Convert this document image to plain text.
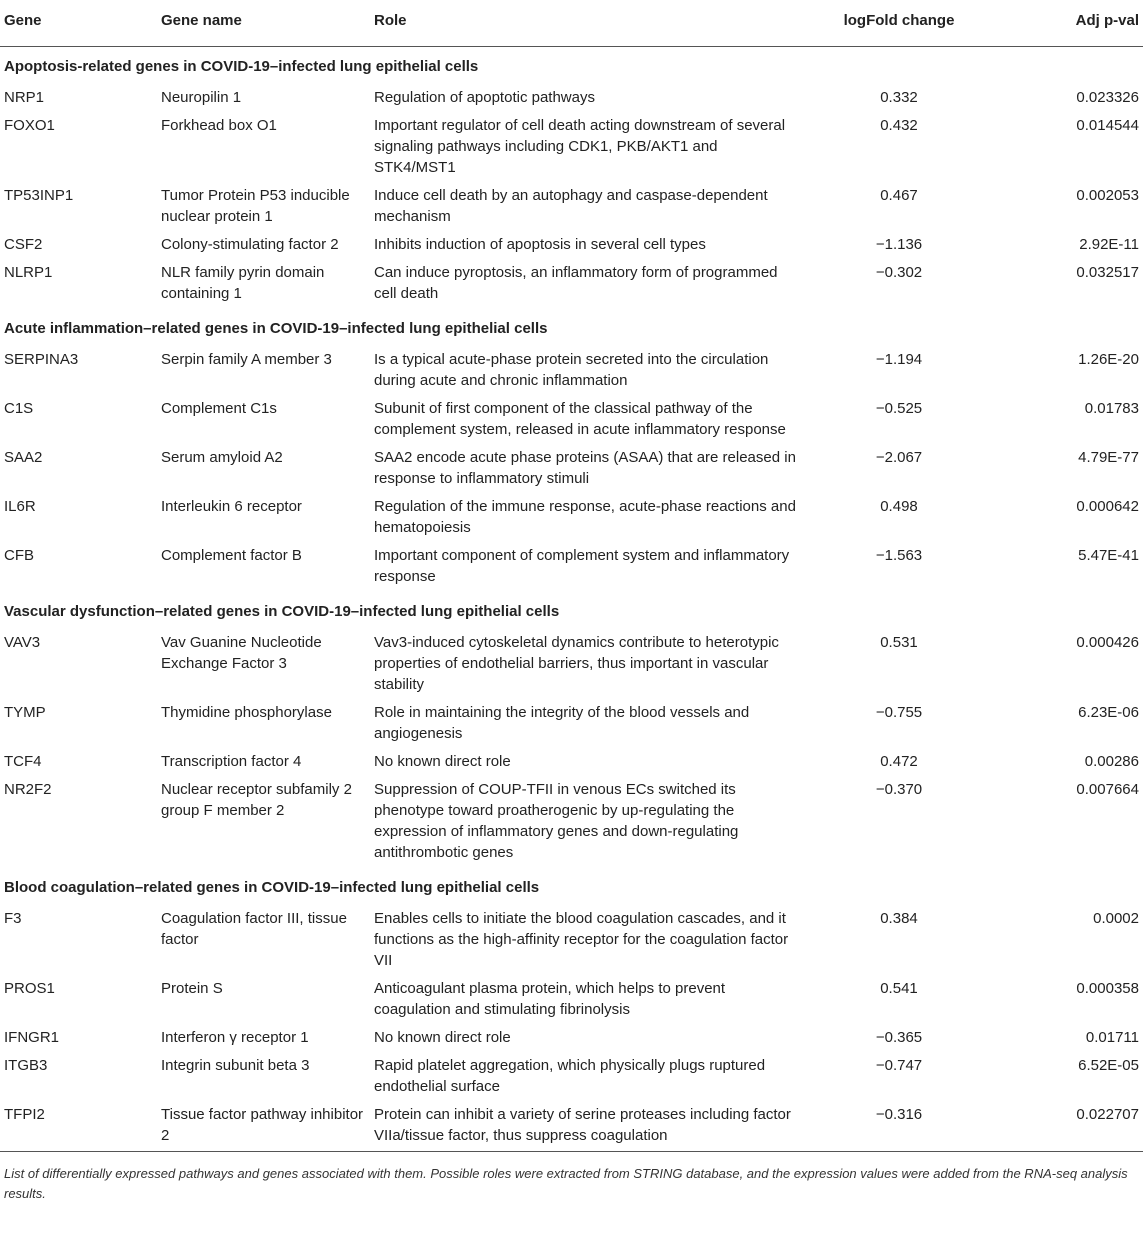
Gene	Gene name	Role	logFold change	Adj p-val
Apoptosis-related genes in COVID-19–infected lung epithelial cells				
NRP1	Neuropilin 1	Regulation of apoptotic pathways	0.332	0.023326
FOXO1	Forkhead box O1	Important regulator of cell death acting downstream of several signaling pathways including CDK1, PKB/AKT1 and STK4/MST1	0.432	0.014544
TP53INP1	Tumor Protein P53 inducible nuclear protein 1	Induce cell death by an autophagy and caspase-dependent mechanism	0.467	0.002053
CSF2	Colony-stimulating factor 2	Inhibits induction of apoptosis in several cell types	−1.136	2.92E-11
NLRP1	NLR family pyrin domain containing 1	Can induce pyroptosis, an inflammatory form of programmed cell death	−0.302	0.032517
Acute inflammation–related genes in COVID-19–infected lung epithelial cells				
SERPINA3	Serpin family A member 3	Is a typical acute-phase protein secreted into the circulation during acute and chronic inflammation	−1.194	1.26E-20
C1S	Complement C1s	Subunit of first component of the classical pathway of the complement system, released in acute inflammatory response	−0.525	0.01783
SAA2	Serum amyloid A2	SAA2 encode acute phase proteins (ASAA) that are released in response to inflammatory stimuli	−2.067	4.79E-77
IL6R	Interleukin 6 receptor	Regulation of the immune response, acute-phase reactions and hematopoiesis	0.498	0.000642
CFB	Complement factor B	Important component of complement system and inflammatory response	−1.563	5.47E-41
Vascular dysfunction–related genes in COVID-19–infected lung epithelial cells				
VAV3	Vav Guanine Nucleotide Exchange Factor 3	Vav3-induced cytoskeletal dynamics contribute to heterotypic properties of endothelial barriers, thus important in vascular stability	0.531	0.000426
TYMP	Thymidine phosphorylase	Role in maintaining the integrity of the blood vessels and angiogenesis	−0.755	6.23E-06
TCF4	Transcription factor 4	No known direct role	0.472	0.00286
NR2F2	Nuclear receptor subfamily 2 group F member 2	Suppression of COUP-TFII in venous ECs switched its phenotype toward proatherogenic by up-regulating the expression of inflammatory genes and down-regulating antithrombotic genes	−0.370	0.007664
Blood coagulation–related genes in COVID-19–infected lung epithelial cells				
F3	Coagulation factor III, tissue factor	Enables cells to initiate the blood coagulation cascades, and it functions as the high-affinity receptor for the coagulation factor VII	0.384	0.0002
PROS1	Protein S	Anticoagulant plasma protein, which helps to prevent coagulation and stimulating fibrinolysis	0.541	0.000358
IFNGR1	Interferon γ receptor 1	No known direct role	−0.365	0.01711
ITGB3	Integrin subunit beta 3	Rapid platelet aggregation, which physically plugs ruptured endothelial surface	−0.747	6.52E-05
TFPI2	Tissue factor pathway inhibitor 2	Protein can inhibit a variety of serine proteases including factor VIIa/tissue factor, thus suppress coagulation	−0.316	0.022707
List of differentially expressed pathways and genes associated with them. Possible roles were extracted from STRING database, and the expression values were added from the RNA-seq analysis results.
